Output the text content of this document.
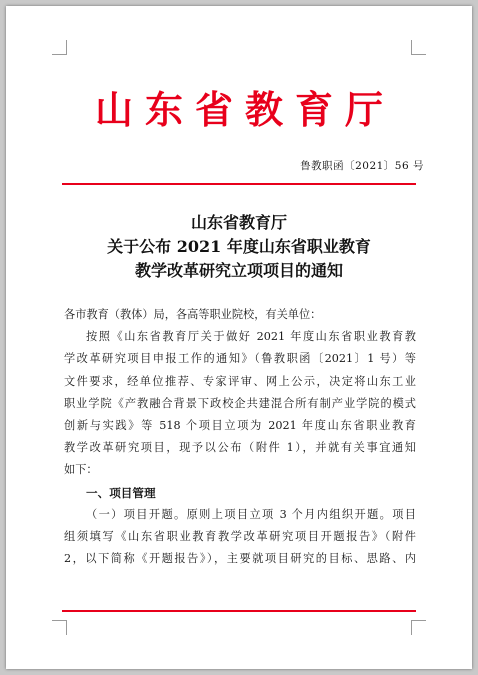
山东省教育厅
鲁教职函〔2021〕56 号
山东省教育厅
关于公布 2021 年度山东省职业教育
教学改革研究立项项目的通知
各市教育（教体）局，各高等职业院校，有关单位：
按照《山东省教育厅关于做好 2021 年度山东省职业教育教
学改革研究项目申报工作的通知》（鲁教职函〔2021〕1 号）等
文件要求，经单位推荐、专家评审、网上公示，决定将山东工业
职业学院《产教融合背景下政校企共建混合所有制产业学院的模式
创新与实践》等 518 个项目立项为 2021 年度山东省职业教育
教学改革研究项目，现予以公布（附件 1），并就有关事宜通知
如下：
一、项目管理
（一）项目开题。原则上项目立项 3 个月内组织开题。项目
组须填写《山东省职业教育教学改革研究项目开题报告》（附件
2，以下简称《开题报告》），主要就项目研究的目标、思路、内
